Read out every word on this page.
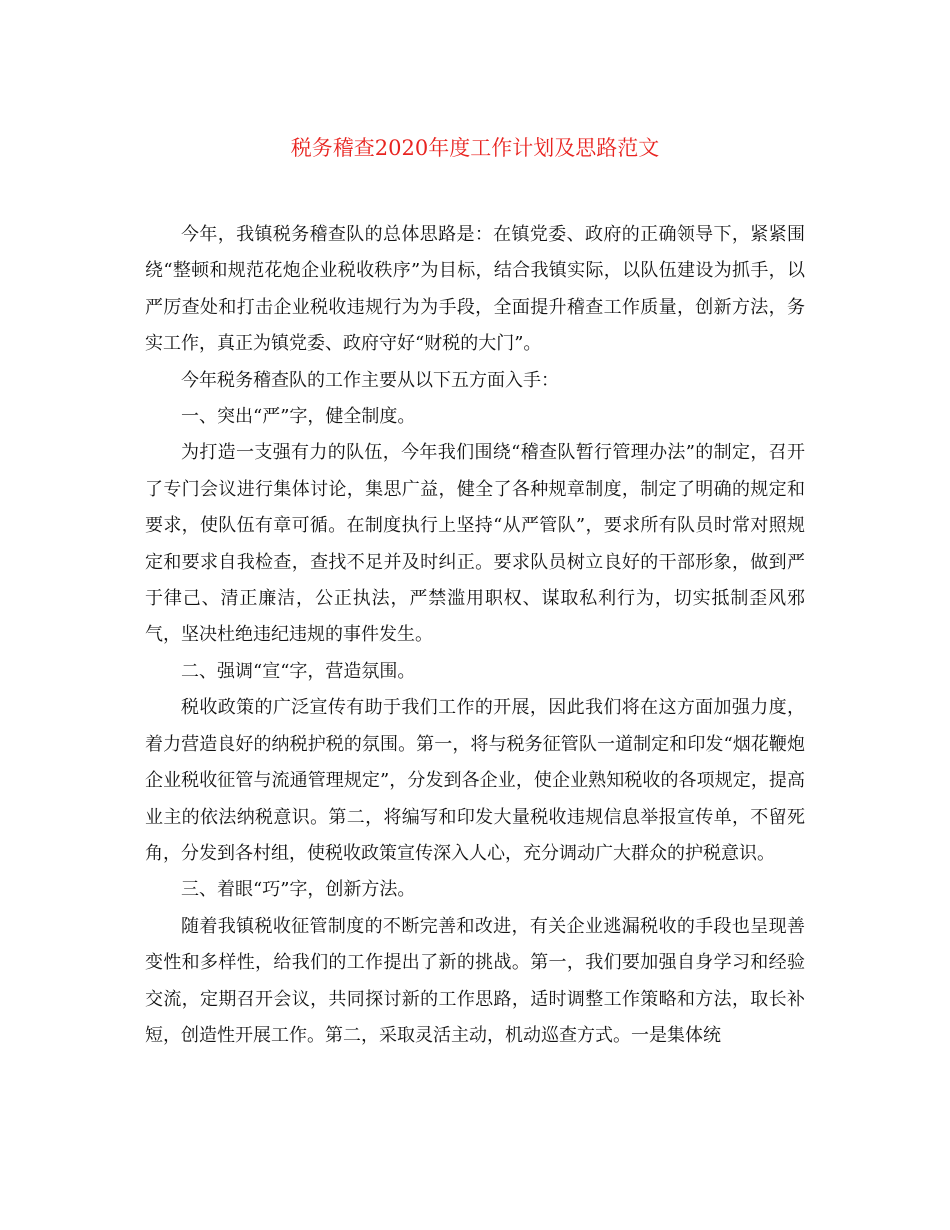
税务稽查2020年度工作计划及思路范文

今年，我镇税务稽查队的总体思路是：在镇党委、政府的正确领导下，紧紧围绕“整顿和规范花炮企业税收秩序”为目标，结合我镇实际，以队伍建设为抓手，以严厉查处和打击企业税收违规行为为手段，全面提升稽查工作质量，创新方法，务实工作，真正为镇党委、政府守好“财税的大门”。

今年税务稽查队的工作主要从以下五方面入手：

一、突出“严”字，健全制度。

为打造一支强有力的队伍，今年我们围绕“稽查队暂行管理办法”的制定，召开了专门会议进行集体讨论，集思广益，健全了各种规章制度，制定了明确的规定和要求，使队伍有章可循。在制度执行上坚持“从严管队”，要求所有队员时常对照规定和要求自我检查，查找不足并及时纠正。要求队员树立良好的干部形象，做到严于律己、清正廉洁，公正执法，严禁滥用职权、谋取私利行为，切实抵制歪风邪气，坚决杜绝违纪违规的事件发生。

二、强调“宣“字，营造氛围。

税收政策的广泛宣传有助于我们工作的开展，因此我们将在这方面加强力度，着力营造良好的纳税护税的氛围。第一，将与税务征管队一道制定和印发“烟花鞭炮企业税收征管与流通管理规定”，分发到各企业，使企业熟知税收的各项规定，提高业主的依法纳税意识。第二，将编写和印发大量税收违规信息举报宣传单，不留死角，分发到各村组，使税收政策宣传深入人心，充分调动广大群众的护税意识。

三、着眼“巧”字，创新方法。

随着我镇税收征管制度的不断完善和改进，有关企业逃漏税收的手段也呈现善变性和多样性，给我们的工作提出了新的挑战。第一，我们要加强自身学习和经验交流，定期召开会议，共同探讨新的工作思路，适时调整工作策略和方法，取长补短，创造性开展工作。第二，采取灵活主动，机动巡查方式。一是集体统
